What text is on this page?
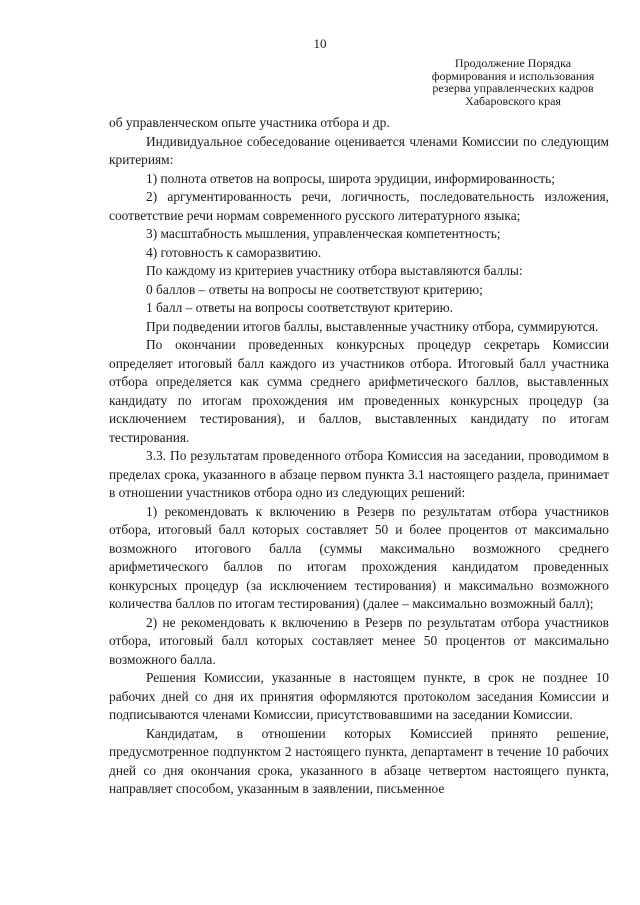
10
Продолжение Порядка
формирования и использования
резерва управленческих кадров
Хабаровского края

об управленческом опыте участника отбора и др.

Индивидуальное собеседование оценивается членами Комиссии по следующим критериям:

1) полнота ответов на вопросы, широта эрудиции, информированность;

2) аргументированность речи, логичность, последовательность изложения, соответствие речи нормам современного русского литературного языка;

3) масштабность мышления, управленческая компетентность;

4) готовность к саморазвитию.

По каждому из критериев участнику отбора выставляются баллы:

0 баллов – ответы на вопросы не соответствуют критерию;

1 балл – ответы на вопросы соответствуют критерию.

При подведении итогов баллы, выставленные участнику отбора, суммируются.

По окончании проведенных конкурсных процедур секретарь Комиссии определяет итоговый балл каждого из участников отбора. Итоговый балл участника отбора определяется как сумма среднего арифметического баллов, выставленных кандидату по итогам прохождения им проведенных конкурсных процедур (за исключением тестирования), и баллов, выставленных кандидату по итогам тестирования.

3.3. По результатам проведенного отбора Комиссия на заседании, проводимом в пределах срока, указанного в абзаце первом пункта 3.1 настоящего раздела, принимает в отношении участников отбора одно из следующих решений:

1) рекомендовать к включению в Резерв по результатам отбора участников отбора, итоговый балл которых составляет 50 и более процентов от максимально возможного итогового балла (суммы максимально возможного среднего арифметического баллов по итогам прохождения кандидатом проведенных конкурсных процедур (за исключением тестирования) и максимально возможного количества баллов по итогам тестирования) (далее – максимально возможный балл);

2) не рекомендовать к включению в Резерв по результатам отбора участников отбора, итоговый балл которых составляет менее 50 процентов от максимально возможного балла.

Решения Комиссии, указанные в настоящем пункте, в срок не позднее 10 рабочих дней со дня их принятия оформляются протоколом заседания Комиссии и подписываются членами Комиссии, присутствовавшими на заседании Комиссии.

Кандидатам, в отношении которых Комиссией принято решение, предусмотренное подпунктом 2 настоящего пункта, департамент в течение 10 рабочих дней со дня окончания срока, указанного в абзаце четвертом настоящего пункта, направляет способом, указанным в заявлении, письменное
